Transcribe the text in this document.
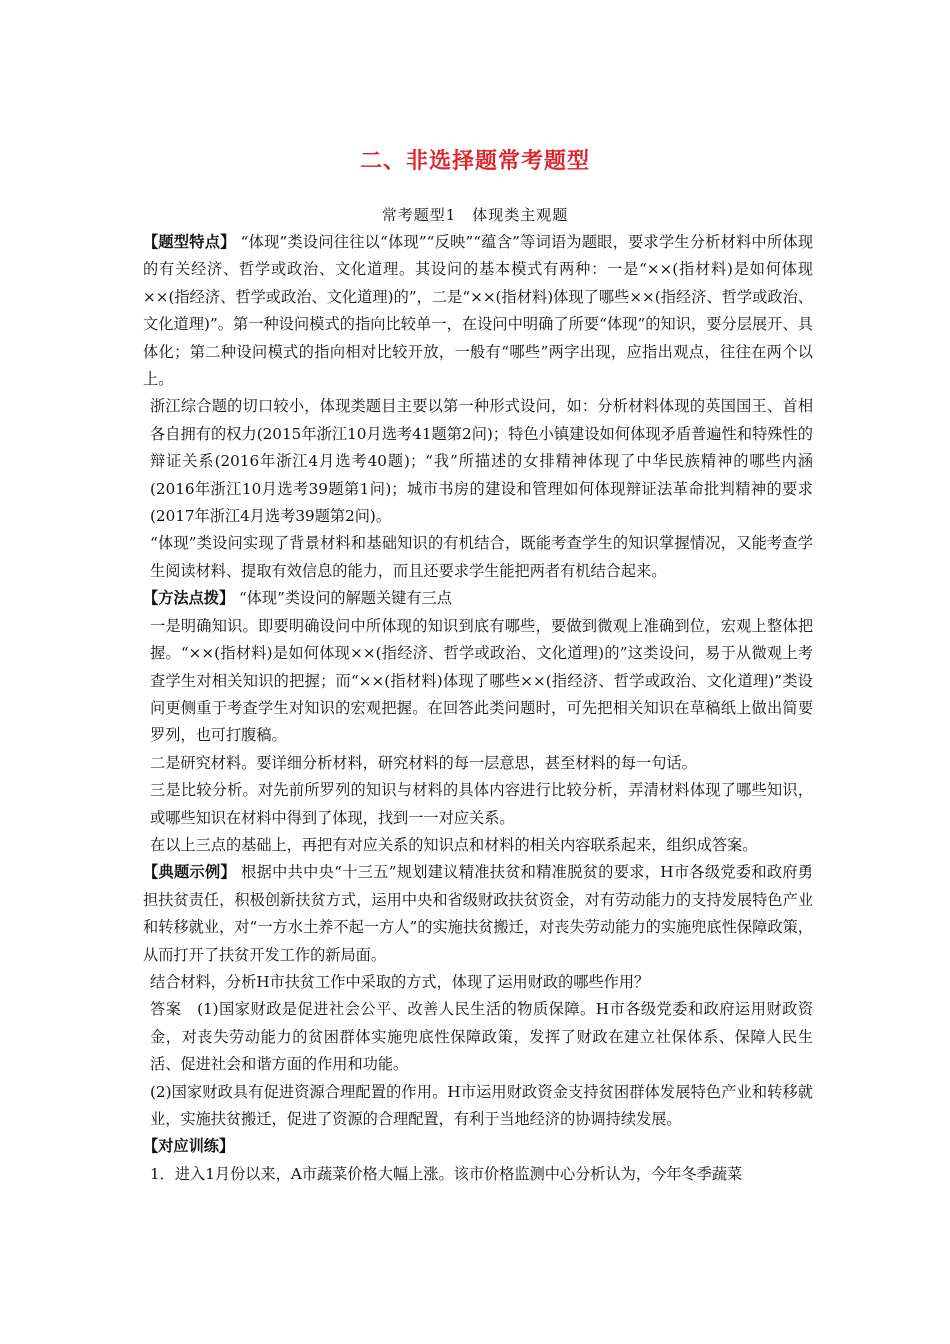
二、非选择题常考题型
常考题型1　体现类主观题

【题型特点】 “体现”类设问往往以“体现”“反映”“蕴含”等词语为题眼，要求学生分析材料中所体现的有关经济、哲学或政治、文化道理。其设问的基本模式有两种：一是“××(指材料)是如何体现××(指经济、哲学或政治、文化道理)的”，二是“××(指材料)体现了哪些××(指经济、哲学或政治、文化道理)”。第一种设问模式的指向比较单一，在设问中明确了所要“体现”的知识，要分层展开、具体化；第二种设问模式的指向相对比较开放，一般有“哪些”两字出现，应指出观点，往往在两个以上。

浙江综合题的切口较小，体现类题目主要以第一种形式设问，如：分析材料体现的英国国王、首相各自拥有的权力(2015年浙江10月选考41题第2问)；特色小镇建设如何体现矛盾普遍性和特殊性的辩证关系(2016年浙江4月选考40题)；“我”所描述的女排精神体现了中华民族精神的哪些内涵(2016年浙江10月选考39题第1问)；城市书房的建设和管理如何体现辩证法革命批判精神的要求(2017年浙江4月选考39题第2问)。

“体现”类设问实现了背景材料和基础知识的有机结合，既能考查学生的知识掌握情况，又能考查学生阅读材料、提取有效信息的能力，而且还要求学生能把两者有机结合起来。

【方法点拨】 “体现”类设问的解题关键有三点

一是明确知识。即要明确设问中所体现的知识到底有哪些，要做到微观上准确到位，宏观上整体把握。“××(指材料)是如何体现××(指经济、哲学或政治、文化道理)的”这类设问，易于从微观上考查学生对相关知识的把握；而“××(指材料)体现了哪些××(指经济、哲学或政治、文化道理)”类设问更侧重于考查学生对知识的宏观把握。在回答此类问题时，可先把相关知识在草稿纸上做出简要罗列，也可打腹稿。

二是研究材料。要详细分析材料，研究材料的每一层意思，甚至材料的每一句话。

三是比较分析。对先前所罗列的知识与材料的具体内容进行比较分析，弄清材料体现了哪些知识，或哪些知识在材料中得到了体现，找到一一对应关系。

在以上三点的基础上，再把有对应关系的知识点和材料的相关内容联系起来，组织成答案。

【典题示例】 根据中共中央“十三五”规划建议精准扶贫和精准脱贫的要求，H市各级党委和政府勇担扶贫责任，积极创新扶贫方式，运用中央和省级财政扶贫资金，对有劳动能力的支持发展特色产业和转移就业，对“一方水土养不起一方人”的实施扶贫搬迁，对丧失劳动能力的实施兜底性保障政策，从而打开了扶贫开发工作的新局面。

结合材料，分析H市扶贫工作中采取的方式，体现了运用财政的哪些作用？

答案　 (1)国家财政是促进社会公平、改善人民生活的物质保障。H市各级党委和政府运用财政资金，对丧失劳动能力的贫困群体实施兜底性保障政策，发挥了财政在建立社保体系、保障人民生活、促进社会和谐方面的作用和功能。

(2)国家财政具有促进资源合理配置的作用。H市运用财政资金支持贫困群体发展特色产业和转移就业，实施扶贫搬迁，促进了资源的合理配置，有利于当地经济的协调持续发展。

【对应训练】

1．进入1月份以来，A市蔬菜价格大幅上涨。该市价格监测中心分析认为，今年冬季蔬菜
